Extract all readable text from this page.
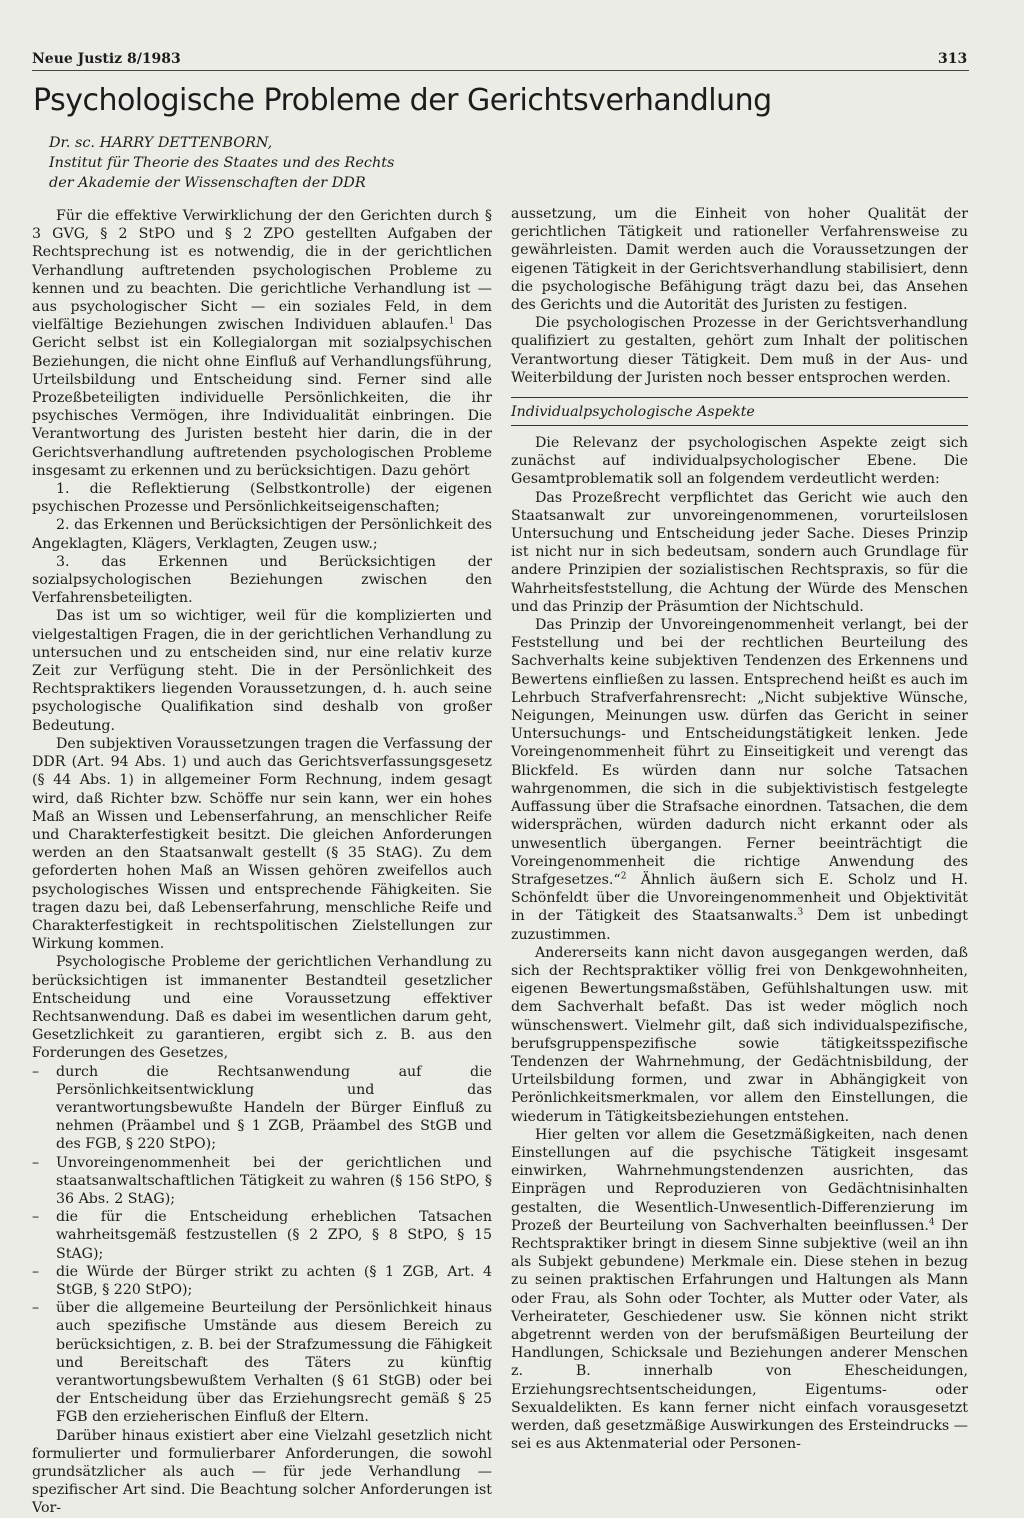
Neue Justiz 8/1983	313
Psychologische Probleme der Gerichtsverhandlung
Dr. sc. HARRY DETTENBORN,
Institut für Theorie des Staates und des Rechts
der Akademie der Wissenschaften der DDR

Für die effektive Verwirklichung der den Gerichten durch § 3 GVG, § 2 StPO und § 2 ZPO gestellten Aufgaben der Rechtsprechung ist es notwendig, die in der gerichtlichen Verhandlung auftretenden psychologischen Probleme zu kennen und zu beachten. Die gerichtliche Verhandlung ist — aus psychologischer Sicht — ein soziales Feld, in dem vielfältige Beziehungen zwischen Individuen ablaufen.$^1$ Das Gericht selbst ist ein Kollegialorgan mit sozialpsychischen Beziehungen, die nicht ohne Einfluß auf Verhandlungsführung, Urteilsbildung und Entscheidung sind. Ferner sind alle Prozeßbeteiligten individuelle Persönlichkeiten, die ihr psychisches Vermögen, ihre Individualität einbringen. Die Verantwortung des Juristen besteht hier darin, die in der Gerichtsverhandlung auftretenden psychologischen Probleme insgesamt zu erkennen und zu berücksichtigen. Dazu gehört

1. die Reflektierung (Selbstkontrolle) der eigenen psychischen Prozesse und Persönlichkeitseigenschaften;
2. das Erkennen und Berücksichtigen der Persönlichkeit des Angeklagten, Klägers, Verklagten, Zeugen usw.;
3. das Erkennen und Berücksichtigen der sozialpsychologischen Beziehungen zwischen den Verfahrensbeteiligten.

Das ist um so wichtiger, weil für die komplizierten und vielgestaltigen Fragen, die in der gerichtlichen Verhandlung zu untersuchen und zu entscheiden sind, nur eine relativ kurze Zeit zur Verfügung steht. Die in der Persönlichkeit des Rechtspraktikers liegenden Voraussetzungen, d. h. auch seine psychologische Qualifikation sind deshalb von großer Bedeutung.

Den subjektiven Voraussetzungen tragen die Verfassung der DDR (Art. 94 Abs. 1) und auch das Gerichtsverfassungsgesetz (§ 44 Abs. 1) in allgemeiner Form Rechnung, indem gesagt wird, daß Richter bzw. Schöffe nur sein kann, wer ein hohes Maß an Wissen und Lebenserfahrung, an menschlicher Reife und Charakterfestigkeit besitzt. Die gleichen Anforderungen werden an den Staatsanwalt gestellt (§ 35 StAG). Zu dem geforderten hohen Maß an Wissen gehören zweifellos auch psychologisches Wissen und entsprechende Fähigkeiten. Sie tragen dazu bei, daß Lebenserfahrung, menschliche Reife und Charakterfestigkeit in rechtspolitischen Zielstellungen zur Wirkung kommen.

Psychologische Probleme der gerichtlichen Verhandlung zu berücksichtigen ist immanenter Bestandteil gesetzlicher Entscheidung und eine Voraussetzung effektiver Rechtsanwendung. Daß es dabei im wesentlichen darum geht, Gesetzlichkeit zu garantieren, ergibt sich z. B. aus den Forderungen des Gesetzes,

– durch die Rechtsanwendung auf die Persönlichkeitsentwicklung und das verantwortungsbewußte Handeln der Bürger Einfluß zu nehmen (Präambel und § 1 ZGB, Präambel des StGB und des FGB, § 220 StPO);
– Unvoreingenommenheit bei der gerichtlichen und staatsanwaltschaftlichen Tätigkeit zu wahren (§ 156 StPO, § 36 Abs. 2 StAG);
– die für die Entscheidung erheblichen Tatsachen wahrheitsgemäß festzustellen (§ 2 ZPO, § 8 StPO, § 15 StAG);
– die Würde der Bürger strikt zu achten (§ 1 ZGB, Art. 4 StGB, § 220 StPO);
– über die allgemeine Beurteilung der Persönlichkeit hinaus auch spezifische Umstände aus diesem Bereich zu berücksichtigen, z. B. bei der Strafzumessung die Fähigkeit und Bereitschaft des Täters zu künftig verantwortungsbewußtem Verhalten (§ 61 StGB) oder bei der Entscheidung über das Erziehungsrecht gemäß § 25 FGB den erzieherischen Einfluß der Eltern.

Darüber hinaus existiert aber eine Vielzahl gesetzlich nicht formulierter und formulierbarer Anforderungen, die sowohl grundsätzlicher als auch — für jede Verhandlung — spezifischer Art sind. Die Beachtung solcher Anforderungen ist Vor-

aussetzung, um die Einheit von hoher Qualität der gerichtlichen Tätigkeit und rationeller Verfahrensweise zu gewährleisten. Damit werden auch die Voraussetzungen der eigenen Tätigkeit in der Gerichtsverhandlung stabilisiert, denn die psychologische Befähigung trägt dazu bei, das Ansehen des Gerichts und die Autorität des Juristen zu festigen.

Die psychologischen Prozesse in der Gerichtsverhandlung qualifiziert zu gestalten, gehört zum Inhalt der politischen Verantwortung dieser Tätigkeit. Dem muß in der Aus- und Weiterbildung der Juristen noch besser entsprochen werden.

Individualpsychologische Aspekte

Die Relevanz der psychologischen Aspekte zeigt sich zunächst auf individualpsychologischer Ebene. Die Gesamtproblematik soll an folgendem verdeutlicht werden:

Das Prozeßrecht verpflichtet das Gericht wie auch den Staatsanwalt zur unvoreingenommenen, vorurteilslosen Untersuchung und Entscheidung jeder Sache. Dieses Prinzip ist nicht nur in sich bedeutsam, sondern auch Grundlage für andere Prinzipien der sozialistischen Rechtspraxis, so für die Wahrheitsfeststellung, die Achtung der Würde des Menschen und das Prinzip der Präsumtion der Nichtschuld.

Das Prinzip der Unvoreingenommenheit verlangt, bei der Feststellung und bei der rechtlichen Beurteilung des Sachverhalts keine subjektiven Tendenzen des Erkennens und Bewertens einfließen zu lassen. Entsprechend heißt es auch im Lehrbuch Strafverfahrensrecht: „Nicht subjektive Wünsche, Neigungen, Meinungen usw. dürfen das Gericht in seiner Untersuchungs- und Entscheidungstätigkeit lenken. Jede Voreingenommenheit führt zu Einseitigkeit und verengt das Blickfeld. Es würden dann nur solche Tatsachen wahrgenommen, die sich in die subjektivistisch festgelegte Auffassung über die Strafsache einordnen. Tatsachen, die dem widersprächen, würden dadurch nicht erkannt oder als unwesentlich übergangen. Ferner beeinträchtigt die Voreingenommenheit die richtige Anwendung des Strafgesetzes.“$^2$ Ähnlich äußern sich E. Scholz und H. Schönfeldt über die Unvoreingenommenheit und Objektivität in der Tätigkeit des Staatsanwalts.$^3$ Dem ist unbedingt zuzustimmen.

Andererseits kann nicht davon ausgegangen werden, daß sich der Rechtspraktiker völlig frei von Denkgewohnheiten, eigenen Bewertungsmaßstäben, Gefühlshaltungen usw. mit dem Sachverhalt befaßt. Das ist weder möglich noch wünschenswert. Vielmehr gilt, daß sich individualspezifische, berufsgruppenspezifische sowie tätigkeitsspezifische Tendenzen der Wahrnehmung, der Gedächtnisbildung, der Urteilsbildung formen, und zwar in Abhängigkeit von Perönlichkeitsmerkmalen, vor allem den Einstellungen, die wiederum in Tätigkeitsbeziehungen entstehen.

Hier gelten vor allem die Gesetzmäßigkeiten, nach denen Einstellungen auf die psychische Tätigkeit insgesamt einwirken, Wahrnehmungstendenzen ausrichten, das Einprägen und Reproduzieren von Gedächtnisinhalten gestalten, die Wesentlich-Unwesentlich-Differenzierung im Prozeß der Beurteilung von Sachverhalten beeinflussen.$^4$ Der Rechtspraktiker bringt in diesem Sinne subjektive (weil an ihn als Subjekt gebundene) Merkmale ein. Diese stehen in bezug zu seinen praktischen Erfahrungen und Haltungen als Mann oder Frau, als Sohn oder Tochter, als Mutter oder Vater, als Verheirateter, Geschiedener usw. Sie können nicht strikt abgetrennt werden von der berufsmäßigen Beurteilung der Handlungen, Schicksale und Beziehungen anderer Menschen z. B. innerhalb von Ehescheidungen, Erziehungsrechtsentscheidungen, Eigentums- oder Sexualdelikten. Es kann ferner nicht einfach vorausgesetzt werden, daß gesetzmäßige Auswirkungen des Ersteindrucks — sei es aus Aktenmaterial oder Personen-
